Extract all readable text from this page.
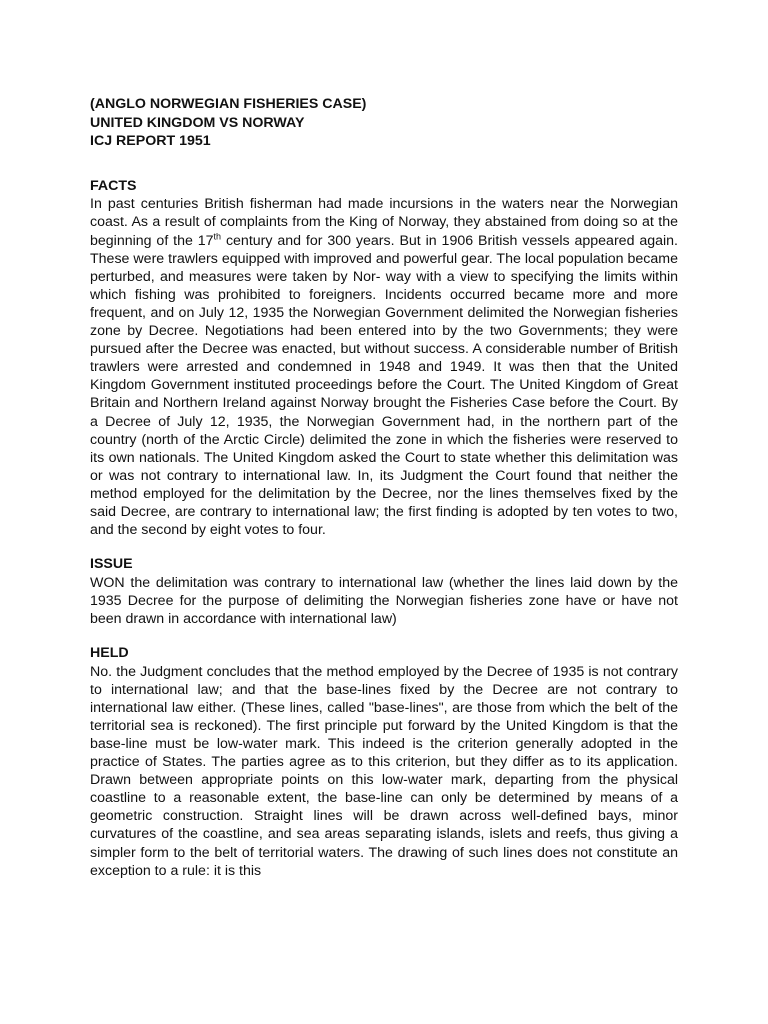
(ANGLO NORWEGIAN FISHERIES CASE)
UNITED KINGDOM VS NORWAY
ICJ REPORT 1951
FACTS

In past centuries British fisherman had made incursions in the waters near the Norwegian coast. As a result of complaints from the King of Norway, they abstained from doing so at the beginning of the 17th century and for 300 years. But in 1906 British vessels appeared again. These were trawlers equipped with improved and powerful gear. The local population became perturbed, and measures were taken by Nor- way with a view to specifying the limits within which fishing was prohibited to foreigners. Incidents occurred became more and more frequent, and on July 12, 1935 the Norwegian Government delimited the Norwegian fisheries zone by Decree. Negotiations had been entered into by the two Governments; they were pursued after the Decree was enacted, but without success. A considerable number of British trawlers were arrested and condemned in 1948 and 1949. It was then that the United Kingdom Government instituted proceedings before the Court. The United Kingdom of Great Britain and Northern Ireland against Norway brought the Fisheries Case before the Court. By a Decree of July 12, 1935, the Norwegian Government had, in the northern part of the country (north of the Arctic Circle) delimited the zone in which the fisheries were reserved to its own nationals. The United Kingdom asked the Court to state whether this delimitation was or was not contrary to international law. In, its Judgment the Court found that neither the method employed for the delimitation by the Decree, nor the lines themselves fixed by the said Decree, are contrary to international law; the first finding is adopted by ten votes to two, and the second by eight votes to four.

ISSUE

WON the delimitation was contrary to international law (whether the lines laid down by the 1935 Decree for the purpose of delimiting the Norwegian fisheries zone have or have not been drawn in accordance with international law)

HELD

No. the Judgment concludes that the method employed by the Decree of 1935 is not contrary to international law; and that the base-lines fixed by the Decree are not contrary to international law either. (These lines, called "base-lines", are those from which the belt of the territorial sea is reckoned). The first principle put forward by the United Kingdom is that the base-line must be low-water mark. This indeed is the criterion generally adopted in the practice of States. The parties agree as to this criterion, but they differ as to its application. Drawn between appropriate points on this low-water mark, departing from the physical coastline to a reasonable extent, the base-line can only be determined by means of a geometric construction. Straight lines will be drawn across well-defined bays, minor curvatures of the coastline, and sea areas separating islands, islets and reefs, thus giving a simpler form to the belt of territorial waters. The drawing of such lines does not constitute an exception to a rule: it is this
